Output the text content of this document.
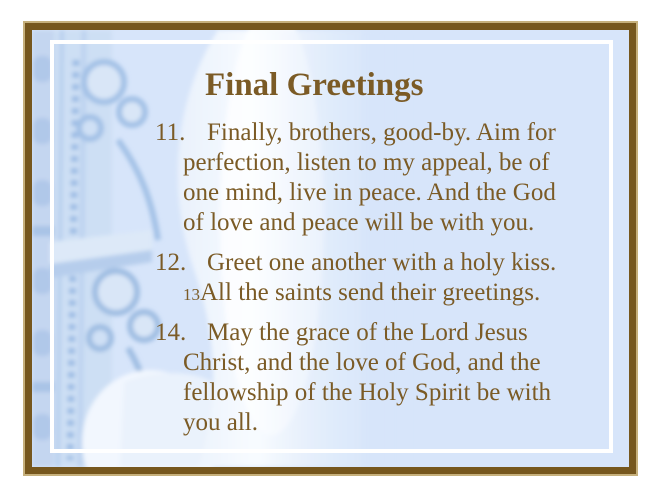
Final Greetings
11. Finally, brothers, good-by. Aim for
perfection, listen to my appeal, be of
one mind, live in peace. And the God
of love and peace will be with you.
12. Greet one another with a holy kiss.
13All the saints send their greetings.
14. May the grace of the Lord Jesus
Christ, and the love of God, and the
fellowship of the Holy Spirit be with
you all.
